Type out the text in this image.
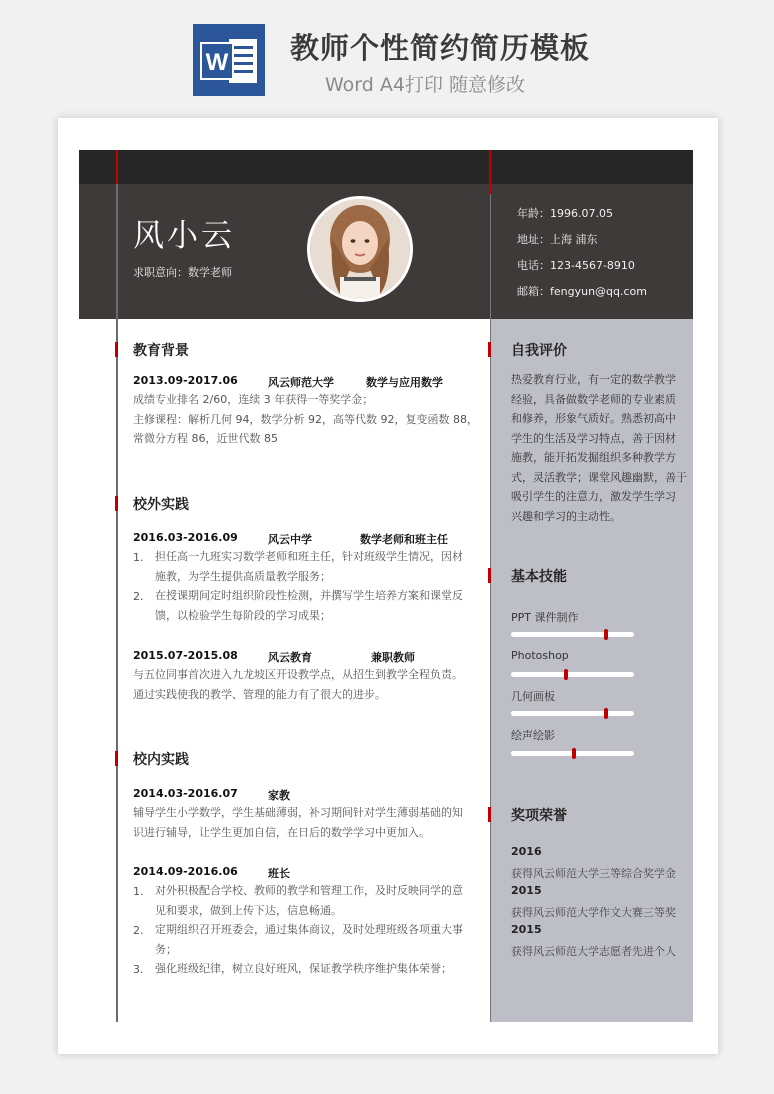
W 教师个性简约简历模板
Word A4打印 随意修改
风小云
求职意向：数学老师
年龄：1996.07.05
地址：上海 浦东
电话：123-4567-8910
邮箱：fengyun@qq.com
教育背景
2013.09-2017.06	风云师范大学	数学与应用数学
成绩专业排名 2/60，连续 3 年获得一等奖学金；
主修课程：解析几何 94，数学分析 92，高等代数 92，复变函数 88，
常微分方程 86，近世代数 85
校外实践
2016.03-2016.09	风云中学	数学老师和班主任
1. 担任高一九班实习数学老师和班主任，针对班级学生情况，因材
施教，为学生提供高质量教学服务；
2. 在授课期间定时组织阶段性检测，并撰写学生培养方案和课堂反
馈，以检验学生每阶段的学习成果；
2015.07-2015.08	风云教育	兼职教师
与五位同事首次进入九龙坡区开设教学点，从招生到教学全程负责。
通过实践使我的教学、管理的能力有了很大的进步。
校内实践
2014.03-2016.07	家教
辅导学生小学数学，学生基础薄弱，补习期间针对学生薄弱基础的知
识进行辅导，让学生更加自信，在日后的数学学习中更加入。
2014.09-2016.06	班长
1. 对外积极配合学校、教师的教学和管理工作，及时反映同学的意
见和要求，做到上传下达，信息畅通。
2. 定期组织召开班委会，通过集体商议，及时处理班级各项重大事
务；
3. 强化班级纪律，树立良好班风，保证教学秩序维护集体荣誉；
自我评价
热爱教育行业，有一定的数学教学
经验，具备做数学老师的专业素质
和修养，形象气质好。熟悉初高中
学生的生活及学习特点，善于因材
施教，能开拓发掘组织多种教学方
式，灵活教学；课堂风趣幽默，善于
吸引学生的注意力，激发学生学习
兴趣和学习的主动性。
基本技能
PPT 课件制作
Photoshop
几何画板
绘声绘影
奖项荣誉
2016
获得风云师范大学三等综合奖学金
2015
获得风云师范大学作文大赛三等奖
2015
获得风云师范大学志愿者先进个人
